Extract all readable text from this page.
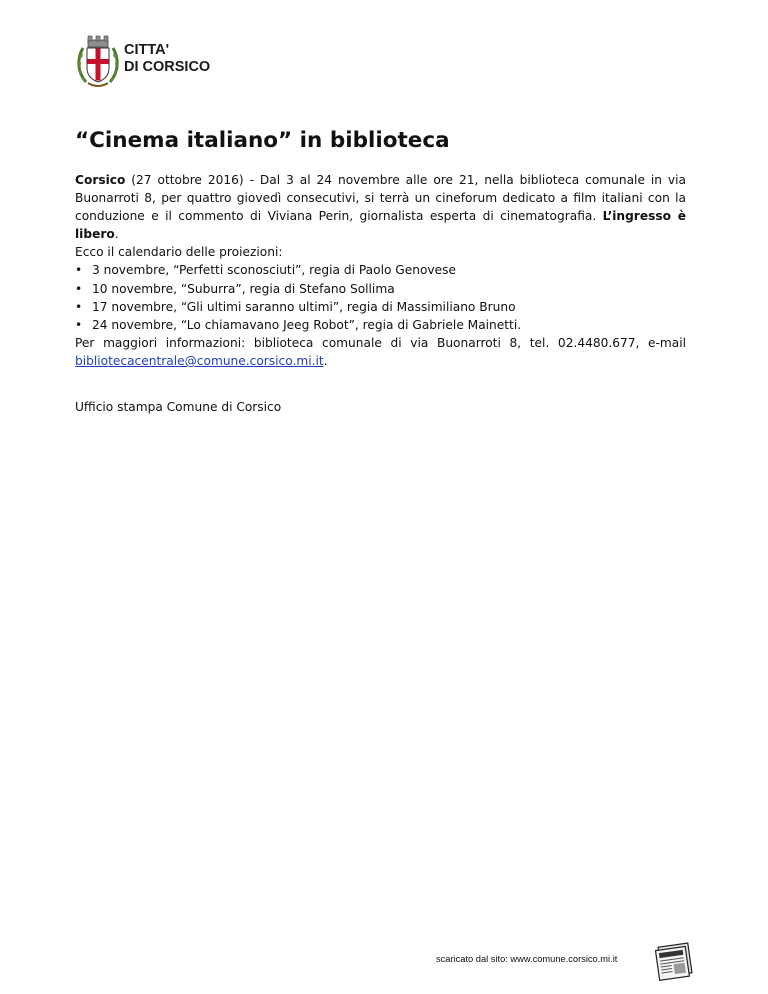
CITTA'
DI CORSICO
“Cinema italiano” in biblioteca

Corsico (27 ottobre 2016) - Dal 3 al 24 novembre alle ore 21, nella biblioteca comunale in via Buonarroti 8, per quattro giovedì consecutivi, si terrà un cineforum dedicato a film italiani con la conduzione e il commento di Viviana Perin, giornalista esperta di cinematografia. L’ingresso è libero.

Ecco il calendario delle proiezioni:

• 3 novembre, “Perfetti sconosciuti”, regia di Paolo Genovese
• 10 novembre, “Suburra”, regia di Stefano Sollima
• 17 novembre, “Gli ultimi saranno ultimi”, regia di Massimiliano Bruno
• 24 novembre, “Lo chiamavano Jeeg Robot”, regia di Gabriele Mainetti.

Per maggiori informazioni: biblioteca comunale di via Buonarroti 8, tel. 02.4480.677, e-mail bibliotecacentrale@comune.corsico.mi.it.

Ufficio stampa Comune di Corsico

scaricato dal sito: www.comune.corsico.mi.it
